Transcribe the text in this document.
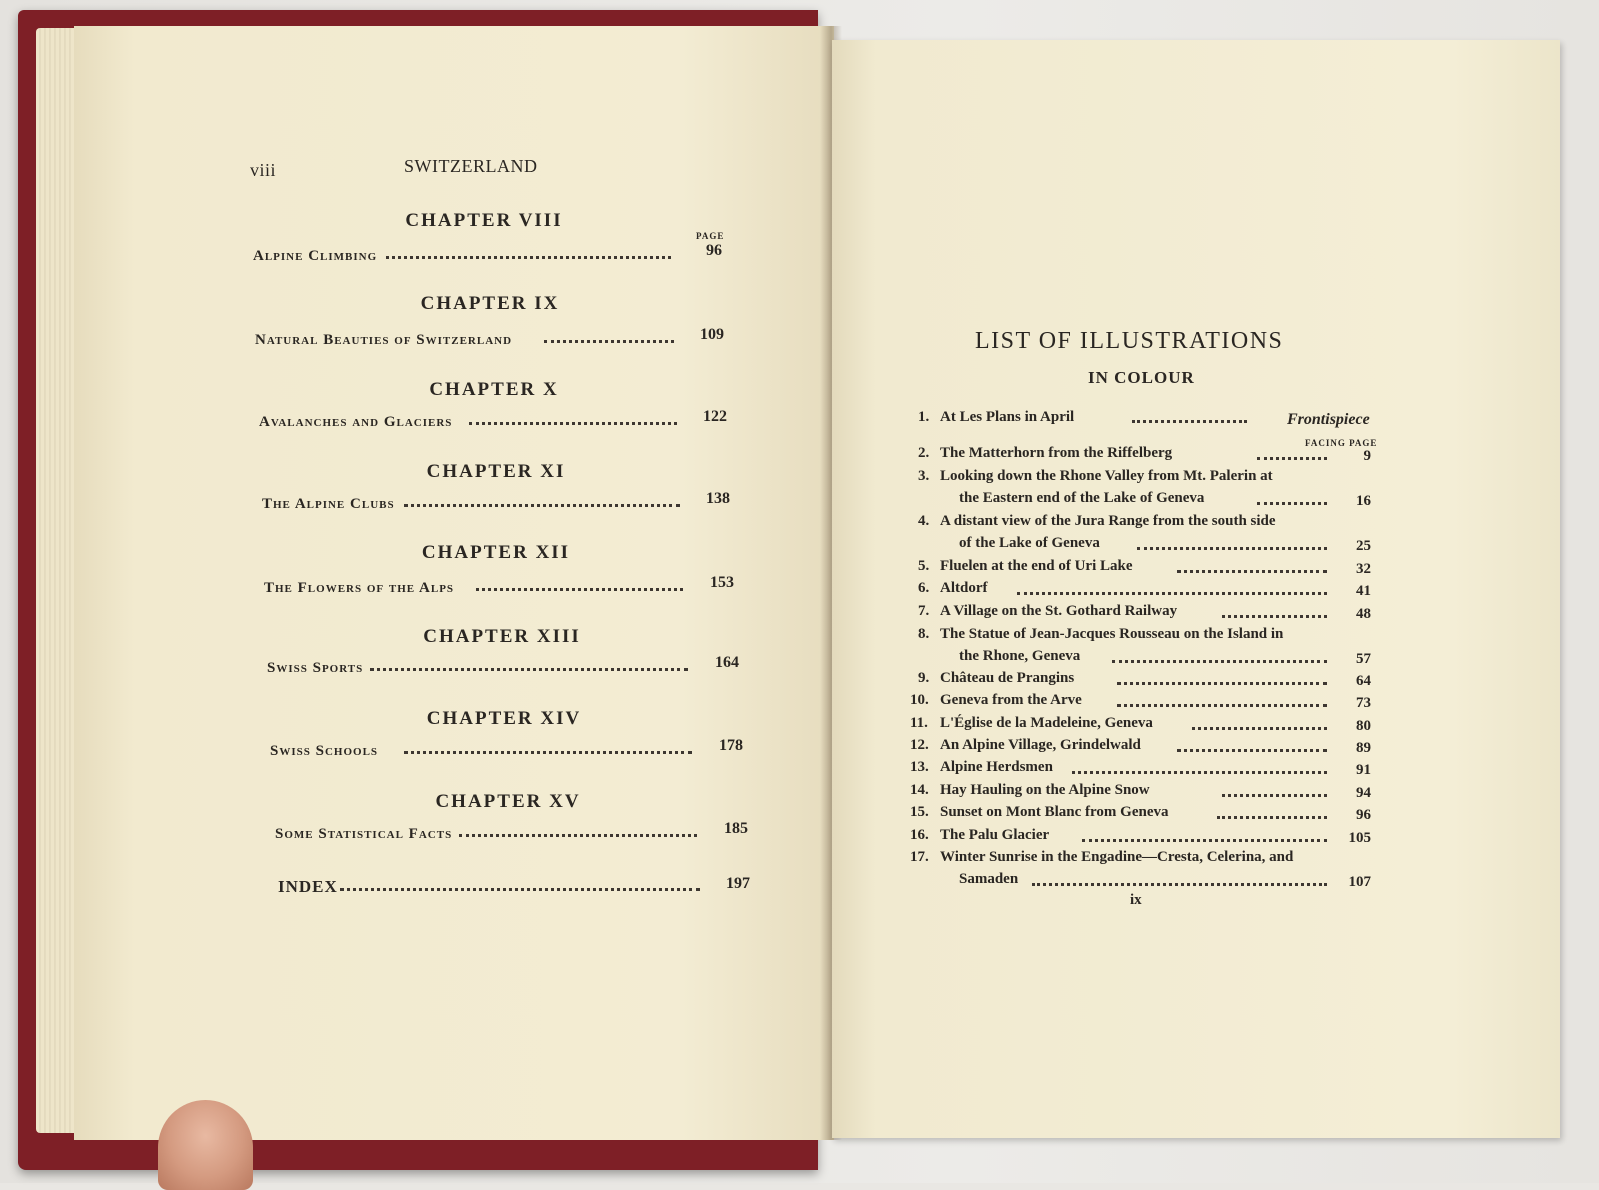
viii	SWITZERLAND
PAGE
CHAPTER VIII
Alpine Climbing	96
CHAPTER IX
Natural Beauties of Switzerland	109
CHAPTER X
Avalanches and Glaciers	122
CHAPTER XI
The Alpine Clubs	138
CHAPTER XII
The Flowers of the Alps	153
CHAPTER XIII
Swiss Sports	164
CHAPTER XIV
Swiss Schools	178
CHAPTER XV
Some Statistical Facts	185
INDEX	197
LIST OF ILLUSTRATIONS
IN COLOUR
1. At Les Plans in April	Frontispiece
FACING PAGE
2. The Matterhorn from the Riffelberg	9
3. Looking down the Rhone Valley from Mt. Palerin at
the Eastern end of the Lake of Geneva	16
4. A distant view of the Jura Range from the south side
of the Lake of Geneva	25
5. Fluelen at the end of Uri Lake	32
6. Altdorf	41
7. A Village on the St. Gothard Railway	48
8. The Statue of Jean-Jacques Rousseau on the Island in
the Rhone, Geneva	57
9. Château de Prangins	64
10. Geneva from the Arve	73
11. L'Église de la Madeleine, Geneva	80
12. An Alpine Village, Grindelwald	89
13. Alpine Herdsmen	91
14. Hay Hauling on the Alpine Snow	94
15. Sunset on Mont Blanc from Geneva	96
16. The Palu Glacier	105
17. Winter Sunrise in the Engadine—Cresta, Celerina, and
Samaden	107
ix
